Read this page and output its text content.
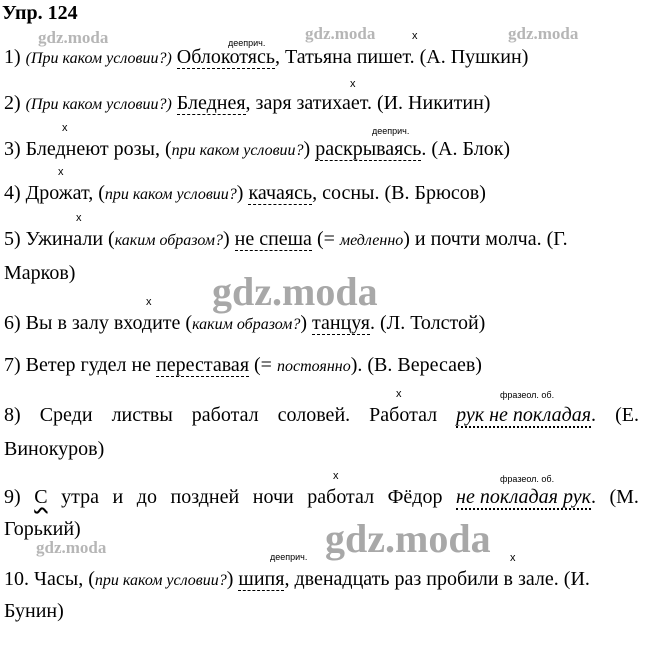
Упр. 124
gdz.moda	gdz.moda	gdz.moda
gdz.moda
gdz.moda
gdz.moda
дееприч.
x
x
x	дееприч.
x
x
x
x	фразеол. об.
x	фразеол. об.
дееприч.	x
1) (При каком условии?) Облокотясь, Татьяна пишет. (А. Пушкин)
2) (При каком условии?) Бледнея, заря затихает. (И. Никитин)
3) Бледнеют розы, (при каком условии?) раскрываясь. (А. Блок)
4) Дрожат, (при каком условии?) качаясь, сосны. (В. Брюсов)
5) Ужинали (каким образом?) не спеша (= медленно) и почти молча. (Г.
Марков)
6) Вы в залу входите (каким образом?) танцуя. (Л. Толстой)
7) Ветер гудел не переставая (= постоянно). (В. Вересаев)
8) Среди листвы работал соловей. Работал рук не покладая. (Е.
Винокуров)
9) С утра и до поздней ночи работал Фёдор не покладая рук. (М.
Горький)
10. Часы, (при каком условии?) шипя, двенадцать раз пробили в зале. (И.
Бунин)
